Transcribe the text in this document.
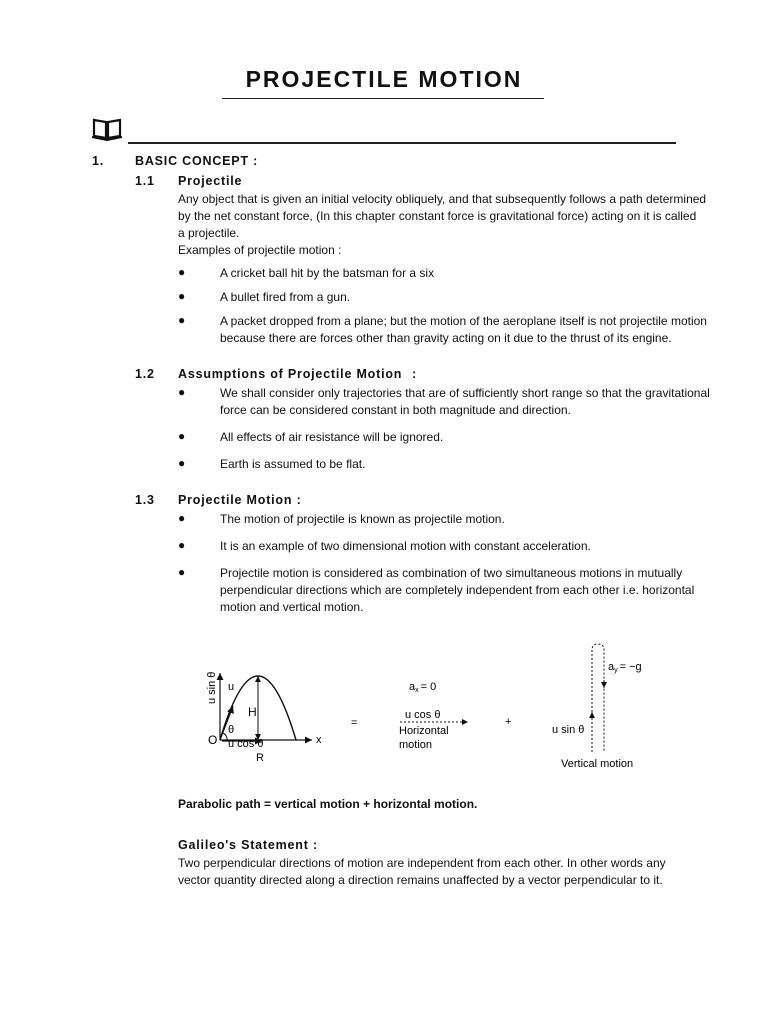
PROJECTILE MOTION
1. BASIC CONCEPT :
1.1 Projectile
Any object that is given an initial velocity obliquely, and that subsequently follows a path determined
by the net constant force, (In this chapter constant force is gravitational force) acting on it is called
a projectile.
Examples of projectile motion :
●	A cricket ball hit by the batsman for a six
●	A bullet fired from a gun.
●	A packet dropped from a plane; but the motion of the aeroplane itself is not projectile motion
because there are forces other than gravity acting on it due to the thrust of its engine.
1.2 Assumptions of Projectile Motion :
●	We shall consider only trajectories that are of sufficiently short range so that the gravitational
force can be considered constant in both magnitude and direction.
●	All effects of air resistance will be ignored.
●	Earth is assumed to be flat.
1.3 Projectile Motion :
●	The motion of projectile is known as projectile motion.
●	It is an example of two dimensional motion with constant acceleration.
●	Projectile motion is considered as combination of two simultaneous motions in mutually
perpendicular directions which are completely independent from each other i.e. horizontal
motion and vertical motion.
u sin θ u
H
θ
O u cos θ	x
R
=
ax = 0
u cos θ
Horizontal
motion
+
ay = −g
u sin θ
Vertical motion
Parabolic path = vertical motion + horizontal motion.
Galileo's Statement :
Two perpendicular directions of motion are independent from each other. In other words any
vector quantity directed along a direction remains unaffected by a vector perpendicular to it.
